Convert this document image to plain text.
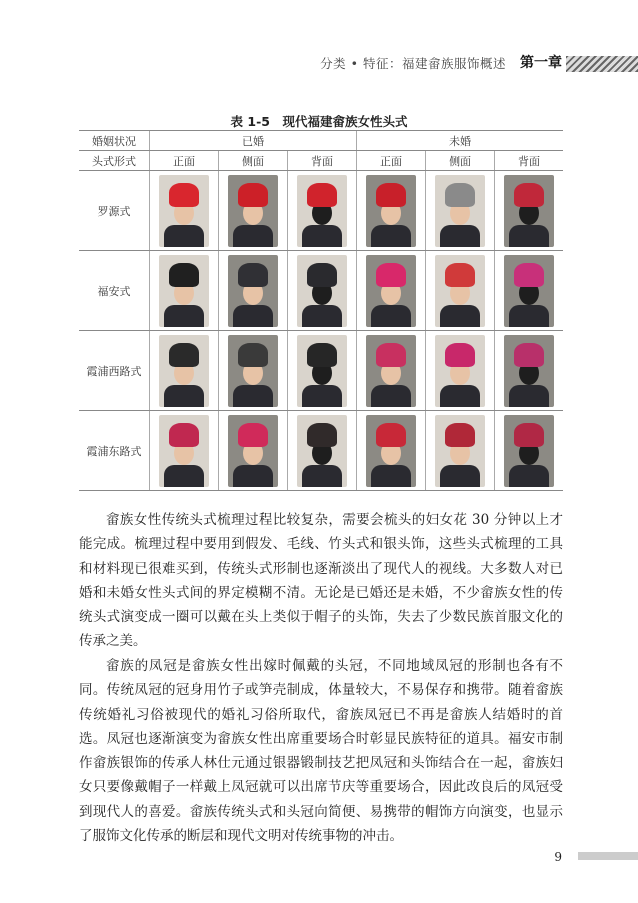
分类 • 特征：福建畲族服饰概述 第一章
表 1-5　现代福建畲族女性头式
婚姻状况	已婚			未婚		
头式形式	正面	侧面	背面	正面	侧面	背面
罗源式	

福安式	

霞浦西路式	

霞浦东路式	

畲族女性传统头式梳理过程比较复杂，需要会梳头的妇女花 30 分钟以上才能完成。梳理过程中要用到假发、毛线、竹头式和银头饰，这些头式梳理的工具和材料现已很难买到，传统头式形制也逐渐淡出了现代人的视线。大多数人对已婚和未婚女性头式间的界定模糊不清。无论是已婚还是未婚，不少畲族女性的传统头式演变成一圈可以戴在头上类似于帽子的头饰，失去了少数民族首服文化的传承之美。

畲族的凤冠是畲族女性出嫁时佩戴的头冠，不同地域凤冠的形制也各有不同。传统凤冠的冠身用竹子或笋壳制成，体量较大，不易保存和携带。随着畲族传统婚礼习俗被现代的婚礼习俗所取代，畲族凤冠已不再是畲族人结婚时的首选。凤冠也逐渐演变为畲族女性出席重要场合时彰显民族特征的道具。福安市制作畲族银饰的传承人林仕元通过银器锻制技艺把凤冠和头饰结合在一起，畲族妇女只要像戴帽子一样戴上凤冠就可以出席节庆等重要场合，因此改良后的凤冠受到现代人的喜爱。畲族传统头式和头冠向简便、易携带的帽饰方向演变，也显示了服饰文化传承的断层和现代文明对传统事物的冲击。

9
